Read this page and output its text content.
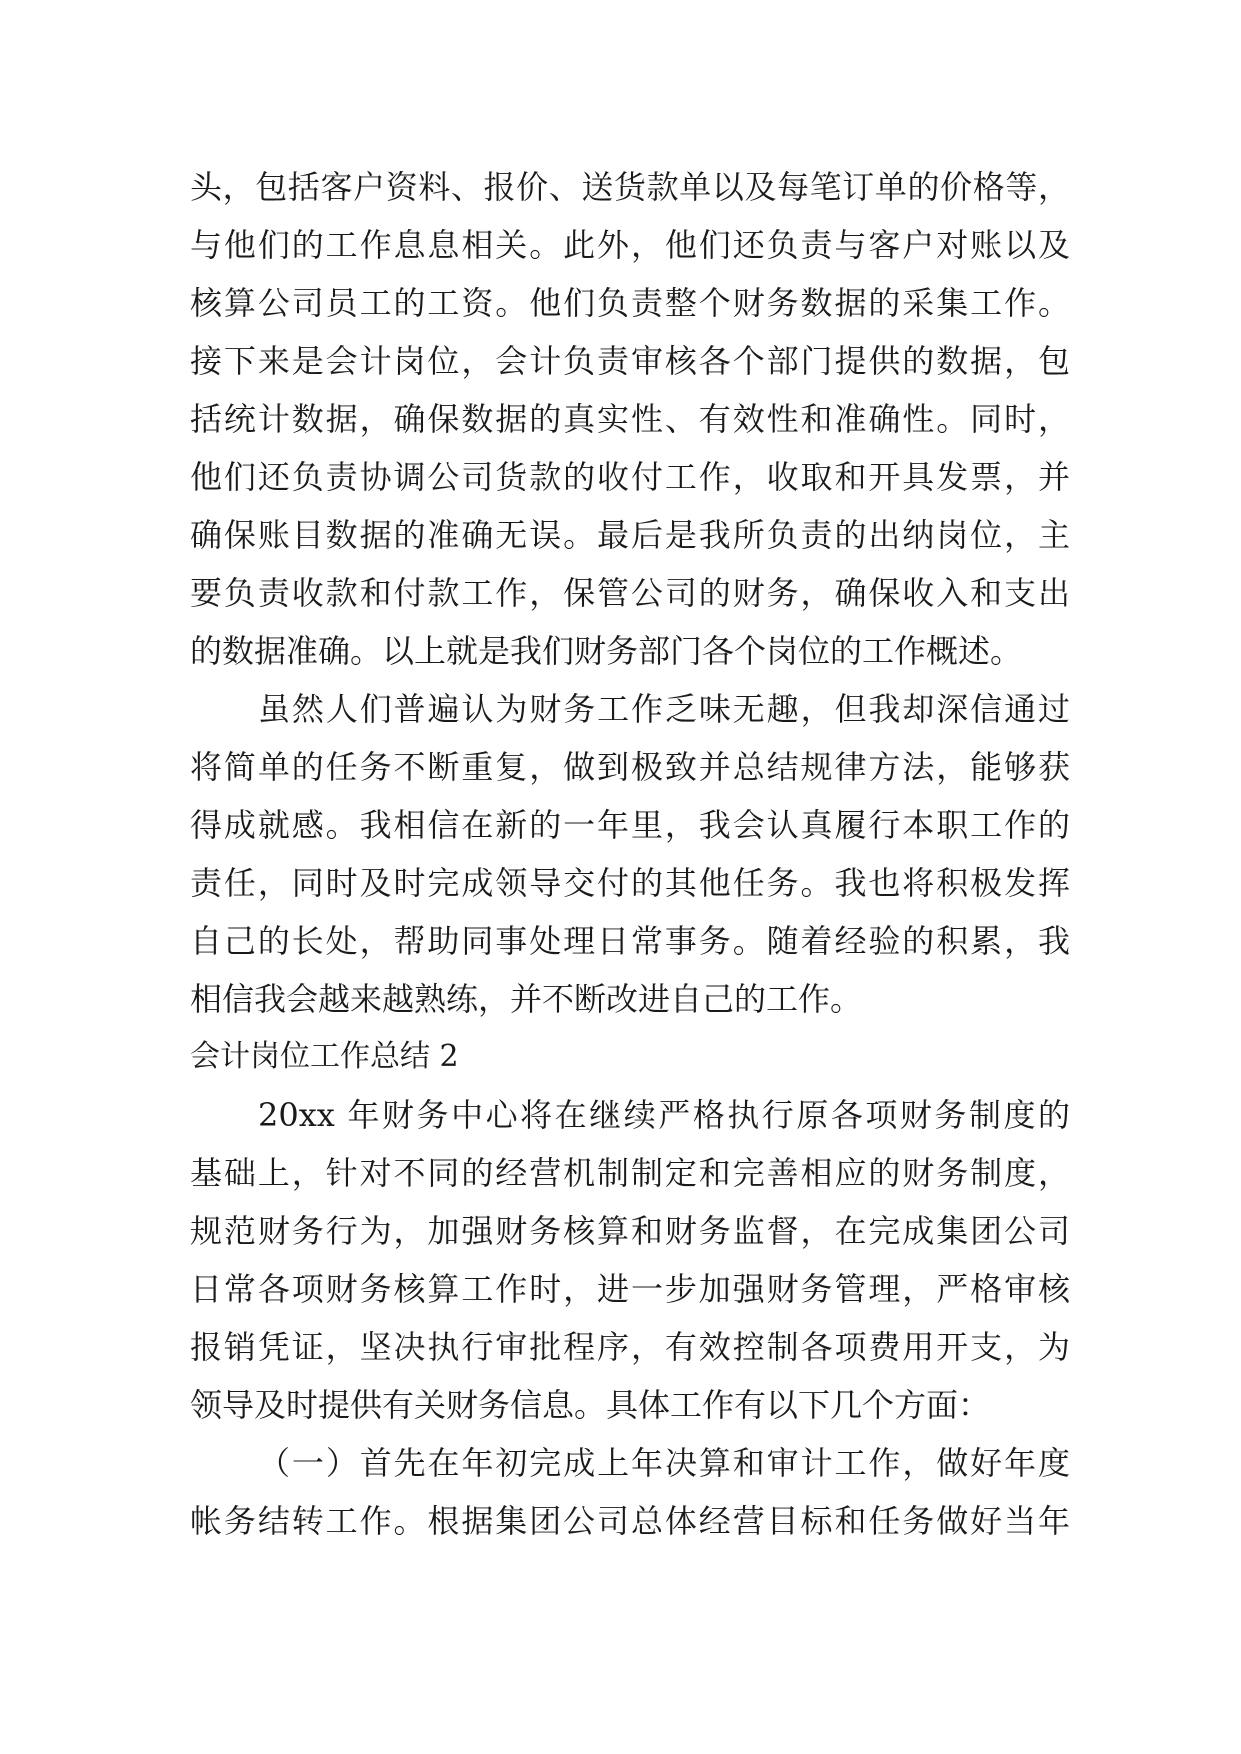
头，包括客户资料、报价、送货款单以及每笔订单的价格等，
与他们的工作息息相关。此外，他们还负责与客户对账以及
核算公司员工的工资。他们负责整个财务数据的采集工作。
接下来是会计岗位，会计负责审核各个部门提供的数据，包
括统计数据，确保数据的真实性、有效性和准确性。同时，
他们还负责协调公司货款的收付工作，收取和开具发票，并
确保账目数据的准确无误。最后是我所负责的出纳岗位，主
要负责收款和付款工作，保管公司的财务，确保收入和支出
的数据准确。以上就是我们财务部门各个岗位的工作概述。
虽然人们普遍认为财务工作乏味无趣，但我却深信通过
将简单的任务不断重复，做到极致并总结规律方法，能够获
得成就感。我相信在新的一年里，我会认真履行本职工作的
责任，同时及时完成领导交付的其他任务。我也将积极发挥
自己的长处，帮助同事处理日常事务。随着经验的积累，我
相信我会越来越熟练，并不断改进自己的工作。
会计岗位工作总结 2
20xx 年财务中心将在继续严格执行原各项财务制度的
基础上，针对不同的经营机制制定和完善相应的财务制度，
规范财务行为，加强财务核算和财务监督，在完成集团公司
日常各项财务核算工作时，进一步加强财务管理，严格审核
报销凭证，坚决执行审批程序，有效控制各项费用开支，为
领导及时提供有关财务信息。具体工作有以下几个方面：
（一）首先在年初完成上年决算和审计工作，做好年度
帐务结转工作。根据集团公司总体经营目标和任务做好当年
